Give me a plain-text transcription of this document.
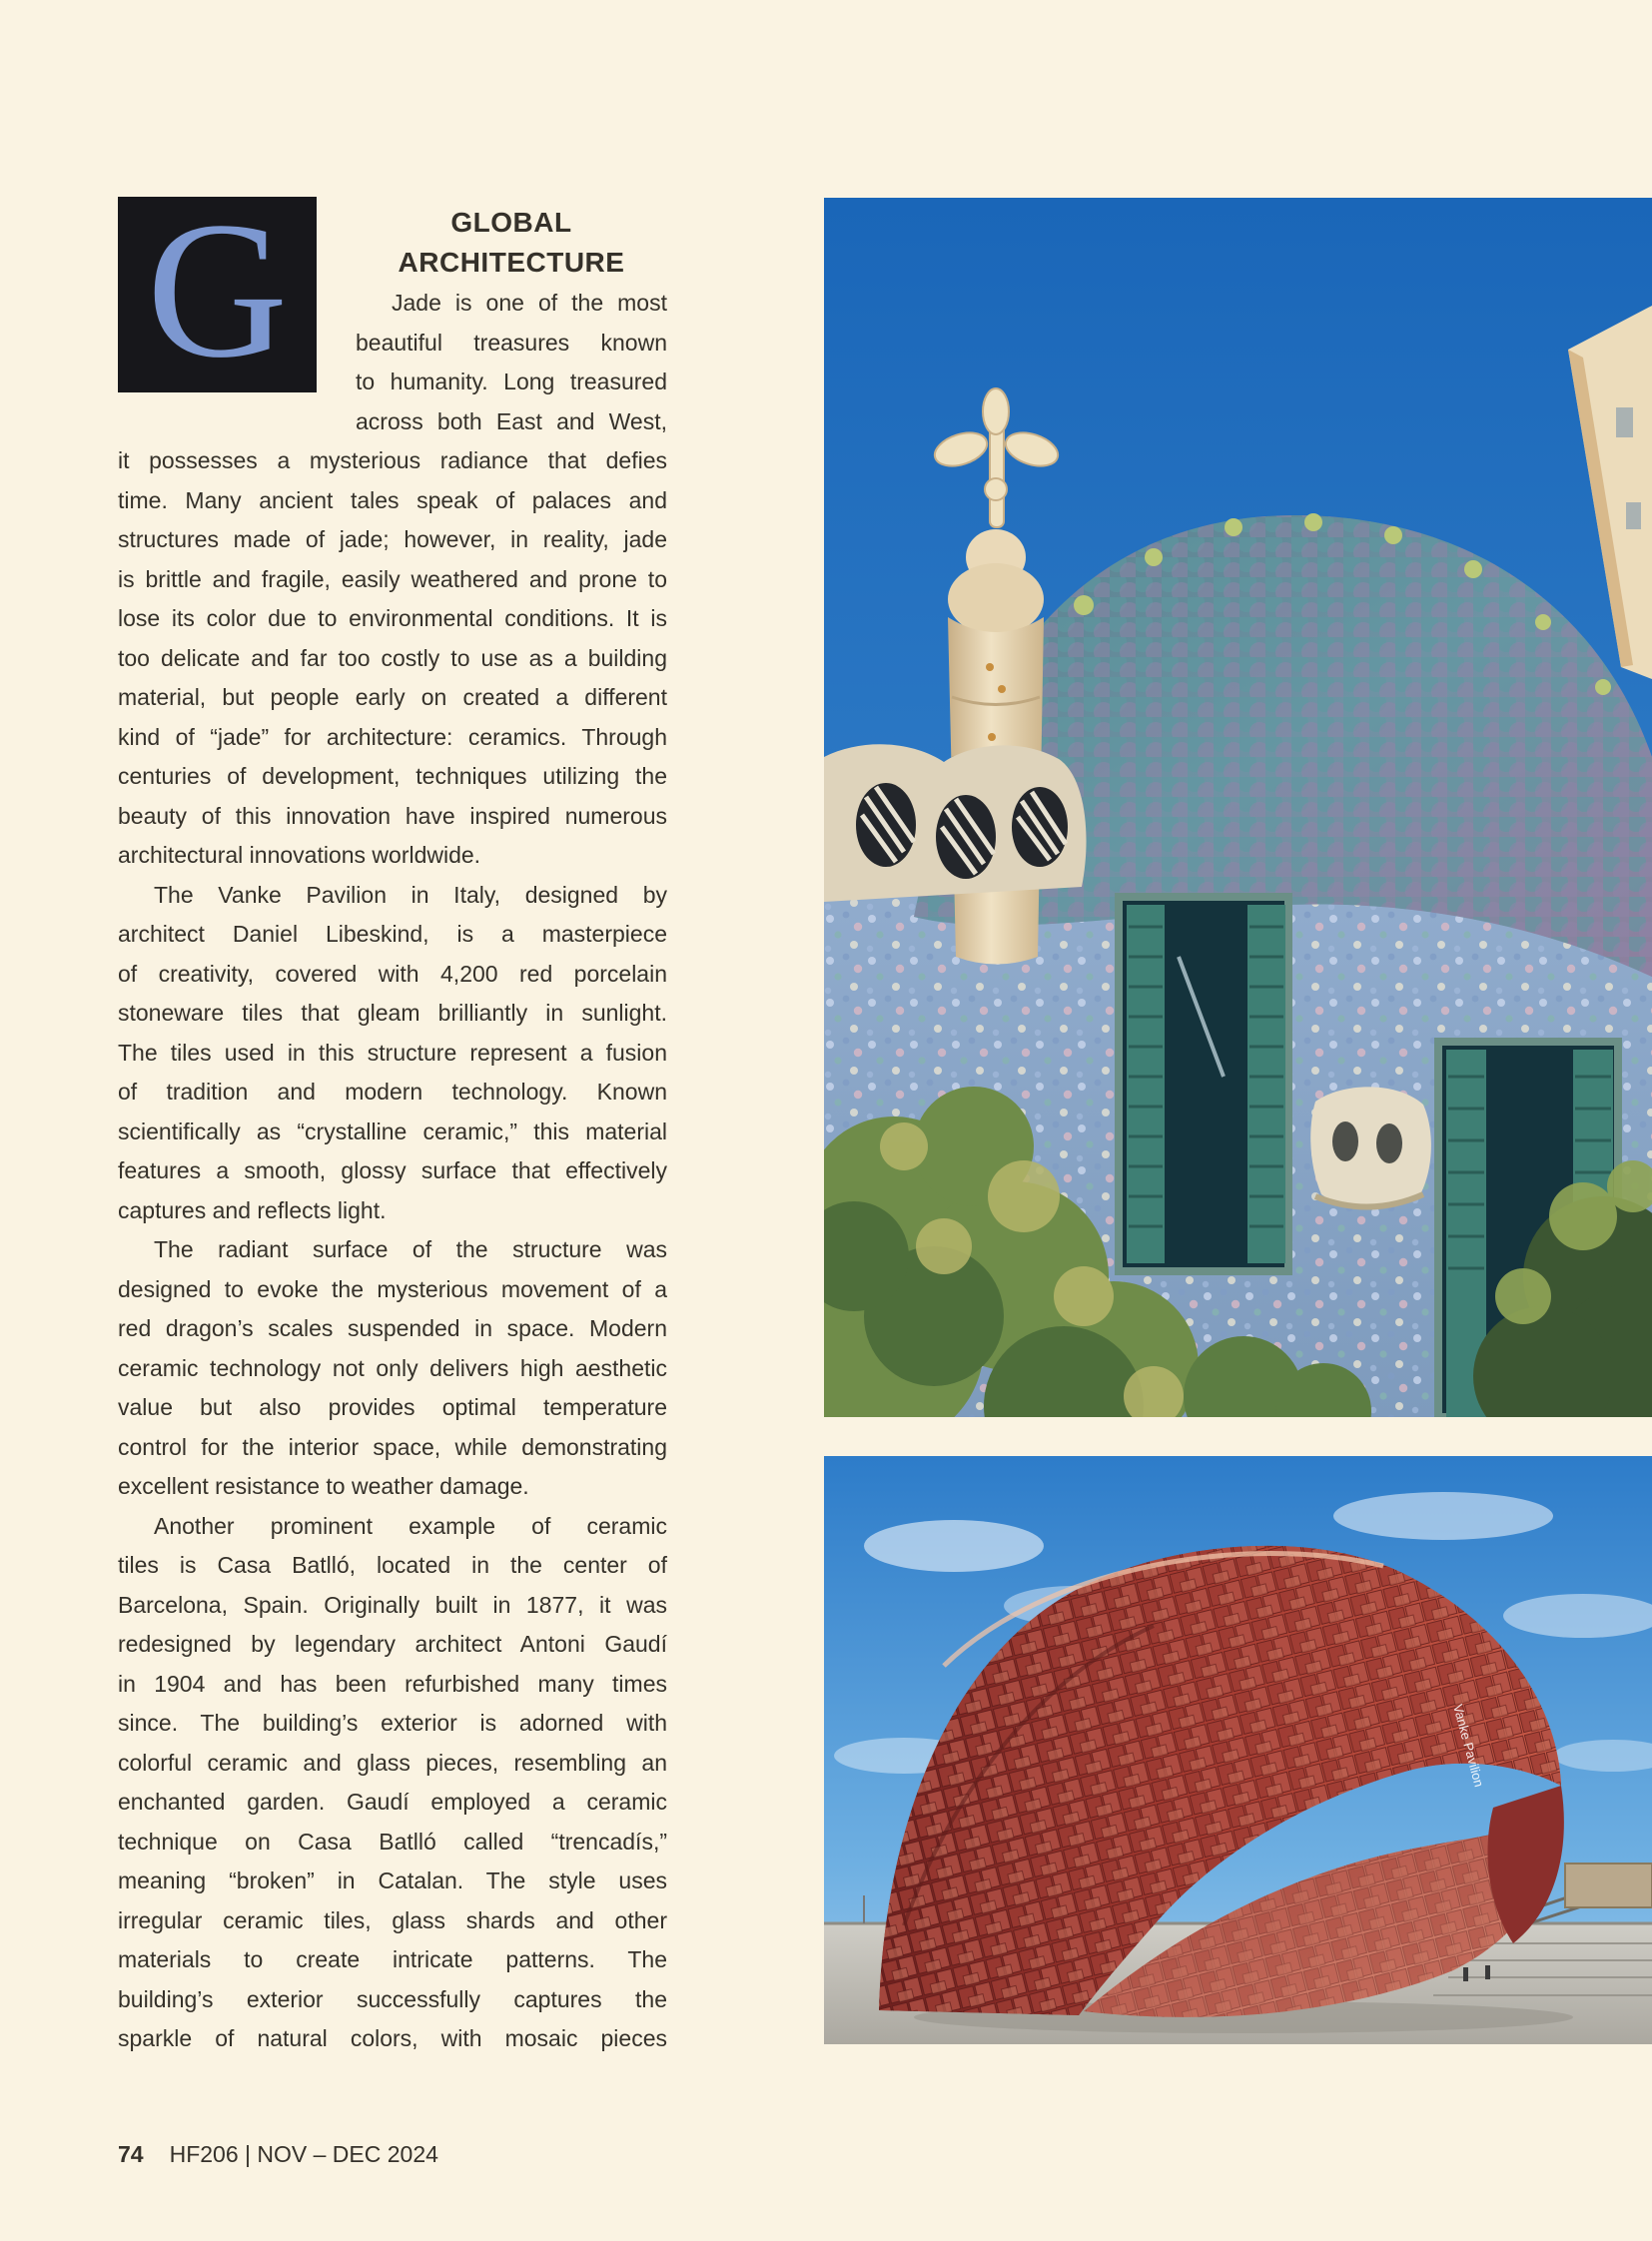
Vanke Pavilion
G	GLOBAL
ARCHITECTURE
Jade is one of the most
beautiful treasures known
to humanity. Long treasured
across both East and West,
it possesses a mysterious radiance that defies
time. Many ancient tales speak of palaces and
structures made of jade; however, in reality, jade
is brittle and fragile, easily weathered and prone to
lose its color due to environmental conditions. It is
too delicate and far too costly to use as a building
material, but people early on created a different
kind of “jade” for architecture: ceramics. Through
centuries of development, techniques utilizing the
beauty of this innovation have inspired numerous
architectural innovations worldwide.
The Vanke Pavilion in Italy, designed by
architect Daniel Libeskind, is a masterpiece
of creativity, covered with 4,200 red porcelain
stoneware tiles that gleam brilliantly in sunlight.
The tiles used in this structure represent a fusion
of tradition and modern technology. Known
scientifically as “crystalline ceramic,” this material
features a smooth, glossy surface that effectively
captures and reflects light.
The radiant surface of the structure was
designed to evoke the mysterious movement of a
red dragon’s scales suspended in space. Modern
ceramic technology not only delivers high aesthetic
value but also provides optimal temperature
control for the interior space, while demonstrating
excellent resistance to weather damage.
Another prominent example of ceramic
tiles is Casa Batlló, located in the center of
Barcelona, Spain. Originally built in 1877, it was
redesigned by legendary architect Antoni Gaudí
in 1904 and has been refurbished many times
since. The building’s exterior is adorned with
colorful ceramic and glass pieces, resembling an
enchanted garden. Gaudí employed a ceramic
technique on Casa Batlló called “trencadís,”
meaning “broken” in Catalan. The style uses
irregular ceramic tiles, glass shards and other
materials to create intricate patterns. The
building’s exterior successfully captures the
sparkle of natural colors, with mosaic pieces
74 HF206 | NOV – DEC 2024
